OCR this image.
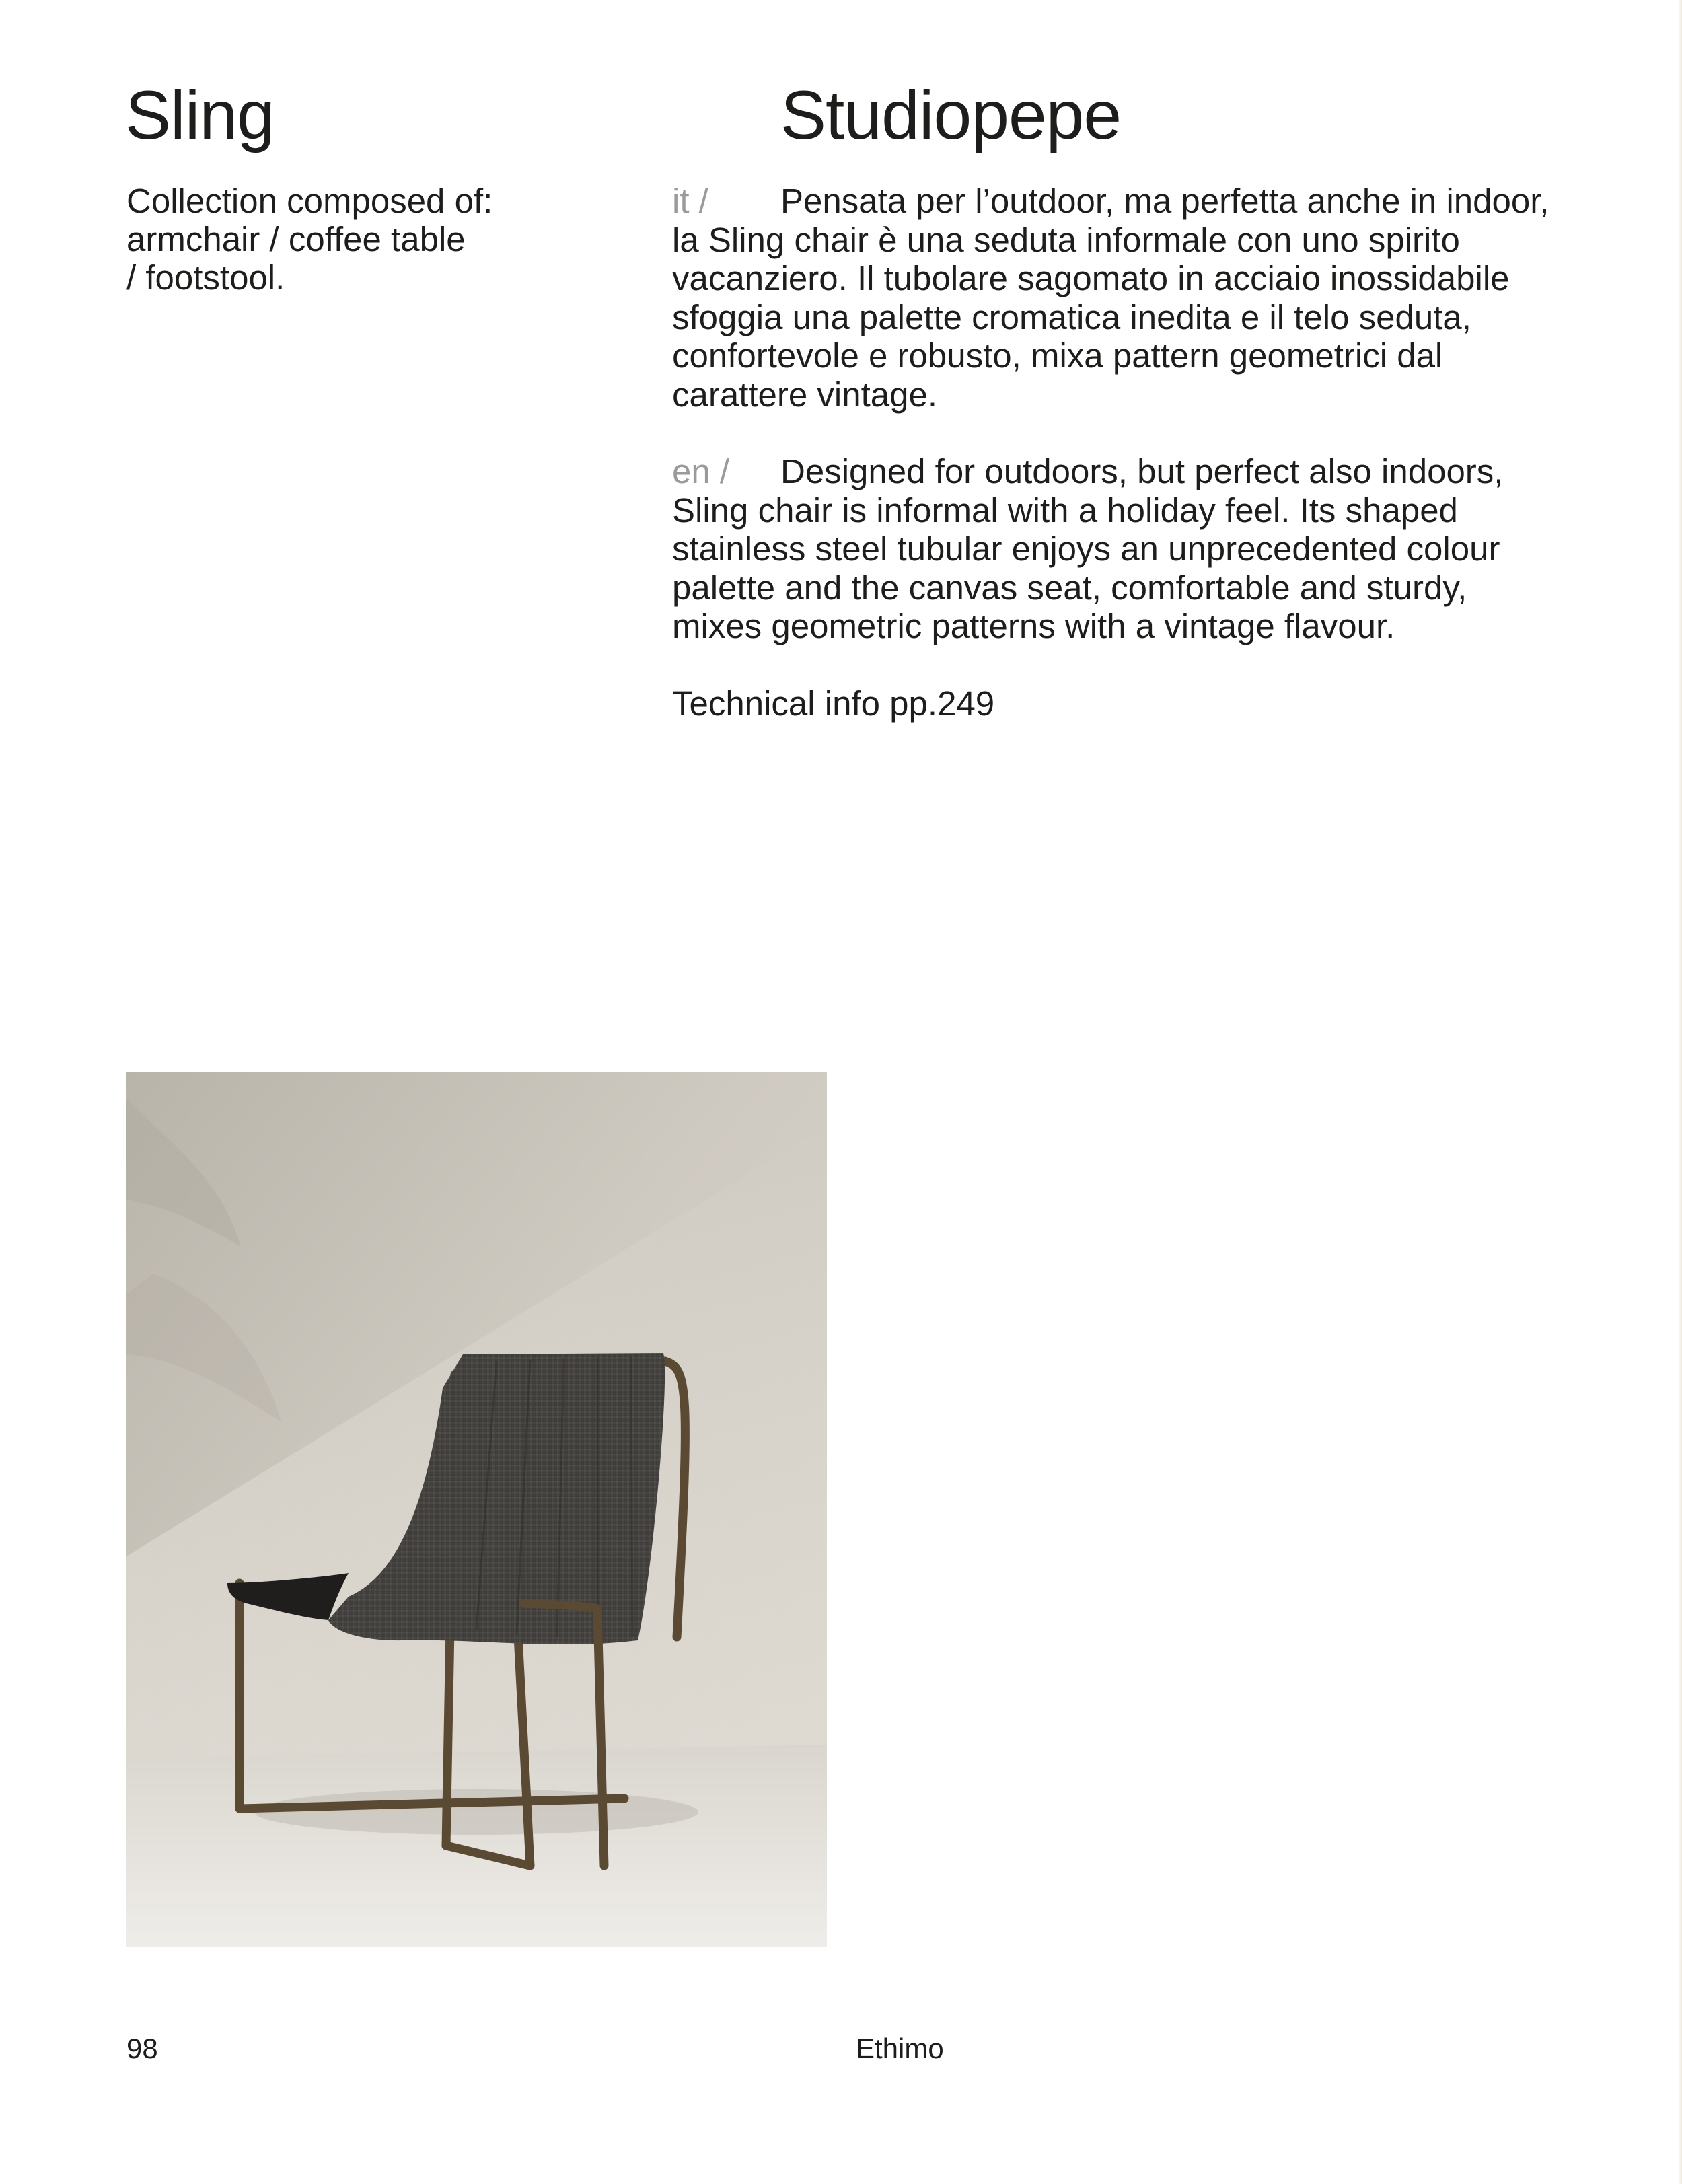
Sling	Studiopepe

Collection composed of:
armchair / coffee table
/ footstool.

it / Pensata per l’outdoor, ma perfetta anche in indoor,
la Sling chair è una seduta informale con uno spirito
vacanziero. Il tubolare sagomato in acciaio inossidabile
sfoggia una palette cromatica inedita e il telo seduta,
confortevole e robusto, mixa pattern geometrici dal
carattere vintage.

en / Designed for outdoors, but perfect also indoors,
Sling chair is informal with a holiday feel. Its shaped
stainless steel tubular enjoys an unprecedented colour
palette and the canvas seat, comfortable and sturdy,
mixes geometric patterns with a vintage flavour.

Technical info pp.249

98	Ethimo
